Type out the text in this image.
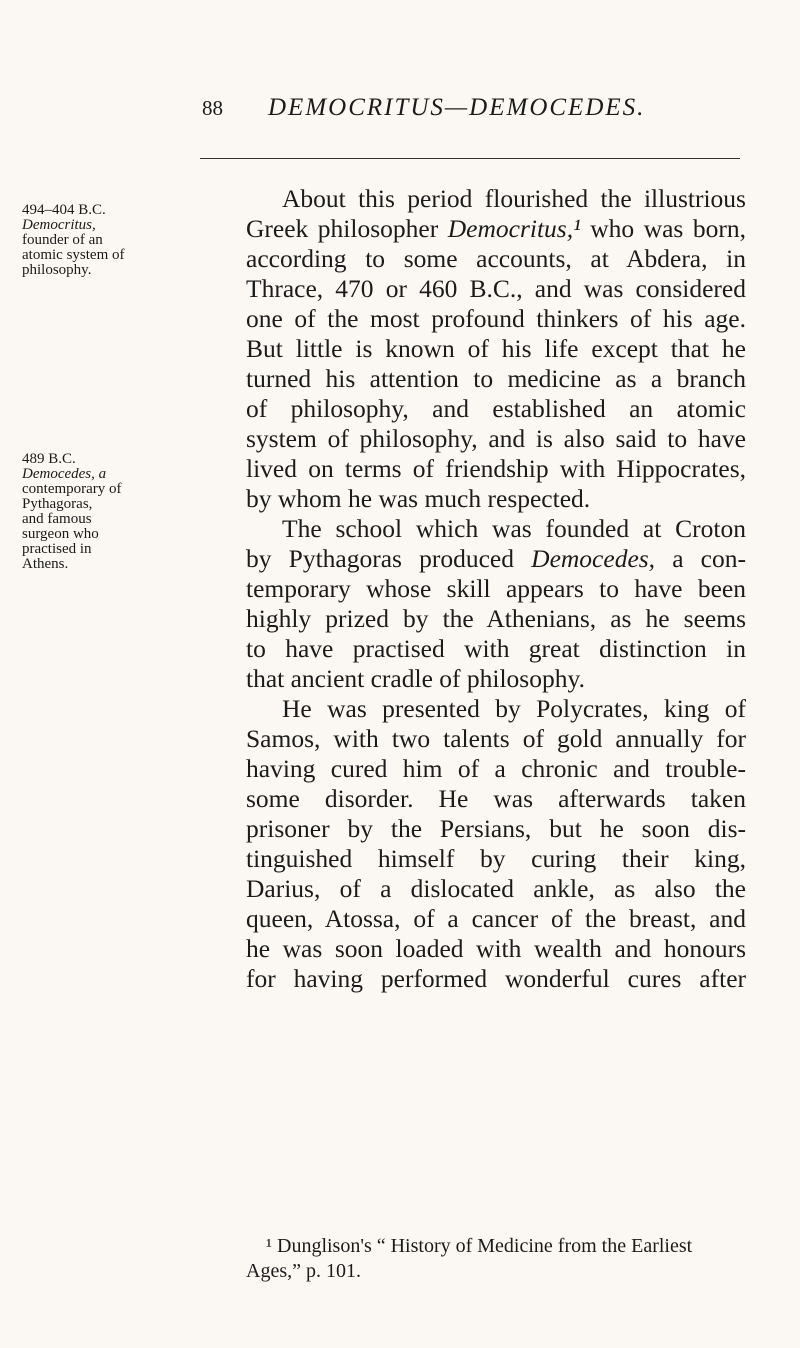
88 DEMOCRITUS—DEMOCEDES.
494–404 B.C.
Democritus,
founder of an
atomic system of
philosophy.
489 B.C.
Democedes, a
contemporary of
Pythagoras,
and famous
surgeon who
practised in
Athens.
About this period flourished the illustrious
Greek philosopher Democritus,¹ who was born,
according to some accounts, at Abdera, in
Thrace, 470 or 460 B.C., and was considered
one of the most profound thinkers of his age.
But little is known of his life except that he
turned his attention to medicine as a branch
of philosophy, and established an atomic
system of philosophy, and is also said to have
lived on terms of friendship with Hippocrates,
by whom he was much respected.
The school which was founded at Croton
by Pythagoras produced Democedes, a con-
temporary whose skill appears to have been
highly prized by the Athenians, as he seems
to have practised with great distinction in
that ancient cradle of philosophy.
He was presented by Polycrates, king of
Samos, with two talents of gold annually for
having cured him of a chronic and trouble-
some disorder. He was afterwards taken
prisoner by the Persians, but he soon dis-
tinguished himself by curing their king,
Darius, of a dislocated ankle, as also the
queen, Atossa, of a cancer of the breast, and
he was soon loaded with wealth and honours
for having performed wonderful cures after
¹ Dunglison's “ History of Medicine from the Earliest
Ages,” p. 101.
